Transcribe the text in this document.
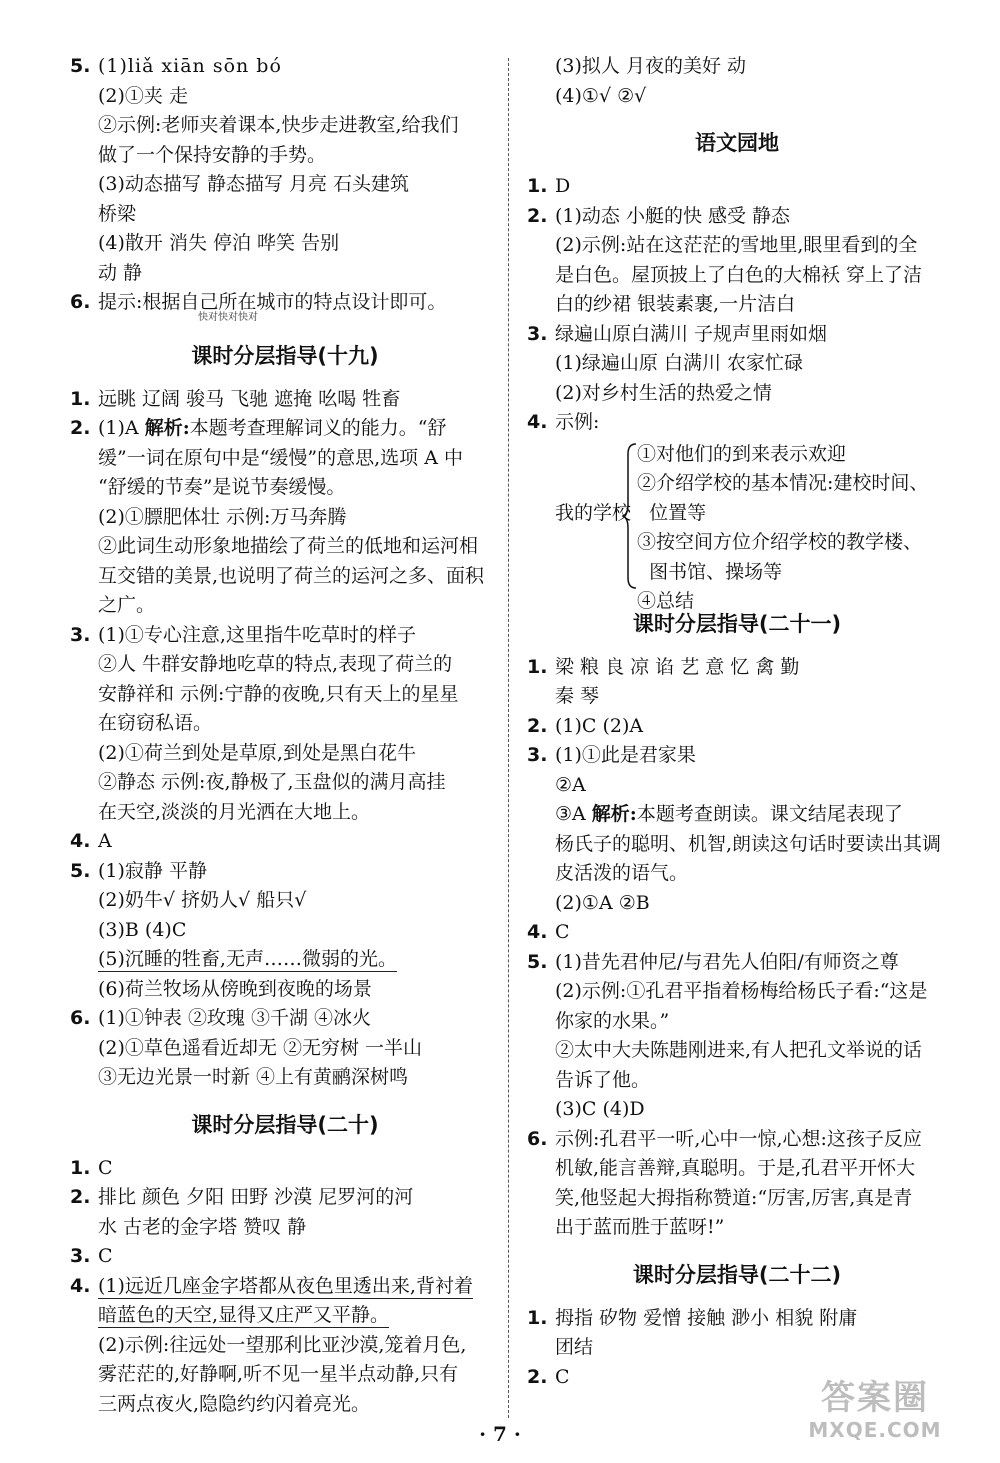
5. (1)liǎ xiān sōn bó
(2)①夹 走
②示例:老师夹着课本,快步走进教室,给我们
做了一个保持安静的手势。
(3)动态描写 静态描写 月亮 石头建筑
桥梁
(4)散开 消失 停泊 哗笑 告别
动 静
6. 提示:根据自己所在城市的特点设计即可。
快对快对快对
课时分层指导(十九)
1. 远眺 辽阔 骏马 飞驰 遮掩 吆喝 牲畜
2. (1)A 解析:本题考查理解词义的能力。“舒
缓”一词在原句中是“缓慢”的意思,选项 A 中
“舒缓的节奏”是说节奏缓慢。
(2)①膘肥体壮 示例:万马奔腾
②此词生动形象地描绘了荷兰的低地和运河相
互交错的美景,也说明了荷兰的运河之多、面积
之广。
3. (1)①专心注意,这里指牛吃草时的样子
②人 牛群安静地吃草的特点,表现了荷兰的
安静祥和 示例:宁静的夜晚,只有天上的星星
在窃窃私语。
(2)①荷兰到处是草原,到处是黑白花牛
②静态 示例:夜,静极了,玉盘似的满月高挂
在天空,淡淡的月光洒在大地上。
4. A
5. (1)寂静 平静
(2)奶牛√ 挤奶人√ 船只√
(3)B (4)C
(5)沉睡的牲畜,无声……微弱的光。
(6)荷兰牧场从傍晚到夜晚的场景
6. (1)①钟表 ②玫瑰 ③千湖 ④冰火
(2)①草色遥看近却无 ②无穷树 一半山
③无边光景一时新 ④上有黄鹂深树鸣
课时分层指导(二十)
1. C
2. 排比 颜色 夕阳 田野 沙漠 尼罗河的河
水 古老的金字塔 赞叹 静
3. C
4. (1)远近几座金字塔都从夜色里透出来,背衬着
暗蓝色的天空,显得又庄严又平静。
(2)示例:往远处一望那利比亚沙漠,笼着月色,
雾茫茫的,好静啊,听不见一星半点动静,只有
三两点夜火,隐隐约约闪着亮光。
(3)拟人 月夜的美好 动
(4)①√ ②√
语文园地
1. D
2. (1)动态 小艇的快 感受 静态
(2)示例:站在这茫茫的雪地里,眼里看到的全
是白色。屋顶披上了白色的大棉袄 穿上了洁
白的纱裙 银装素裹,一片洁白
3. 绿遍山原白满川 子规声里雨如烟
(1)绿遍山原 白满川 农家忙碌
(2)对乡村生活的热爱之情
4. 示例:
我的学校
①对他们的到来表示欢迎
②介绍学校的基本情况:建校时间、
位置等
③按空间方位介绍学校的教学楼、
图书馆、操场等
④总结
课时分层指导(二十一)
1. 梁 粮 良 凉 谄 艺 意 忆 禽 勤
秦 琴
2. (1)C (2)A
3. (1)①此是君家果
②A
③A 解析:本题考查朗读。课文结尾表现了
杨氏子的聪明、机智,朗读这句话时要读出其调
皮活泼的语气。
(2)①A ②B
4. C
5. (1)昔先君仲尼/与君先人伯阳/有师资之尊
(2)示例:①孔君平指着杨梅给杨氏子看:“这是
你家的水果。”
②太中大夫陈韪刚进来,有人把孔文举说的话
告诉了他。
(3)C (4)D
6. 示例:孔君平一听,心中一惊,心想:这孩子反应
机敏,能言善辩,真聪明。于是,孔君平开怀大
笑,他竖起大拇指称赞道:“厉害,厉害,真是青
出于蓝而胜于蓝呀!”
课时分层指导(二十二)
1. 拇指 矽物 爱憎 接触 渺小 相貌 附庸
团结
2. C
· 7 ·
答案圈
MXQE.COM
